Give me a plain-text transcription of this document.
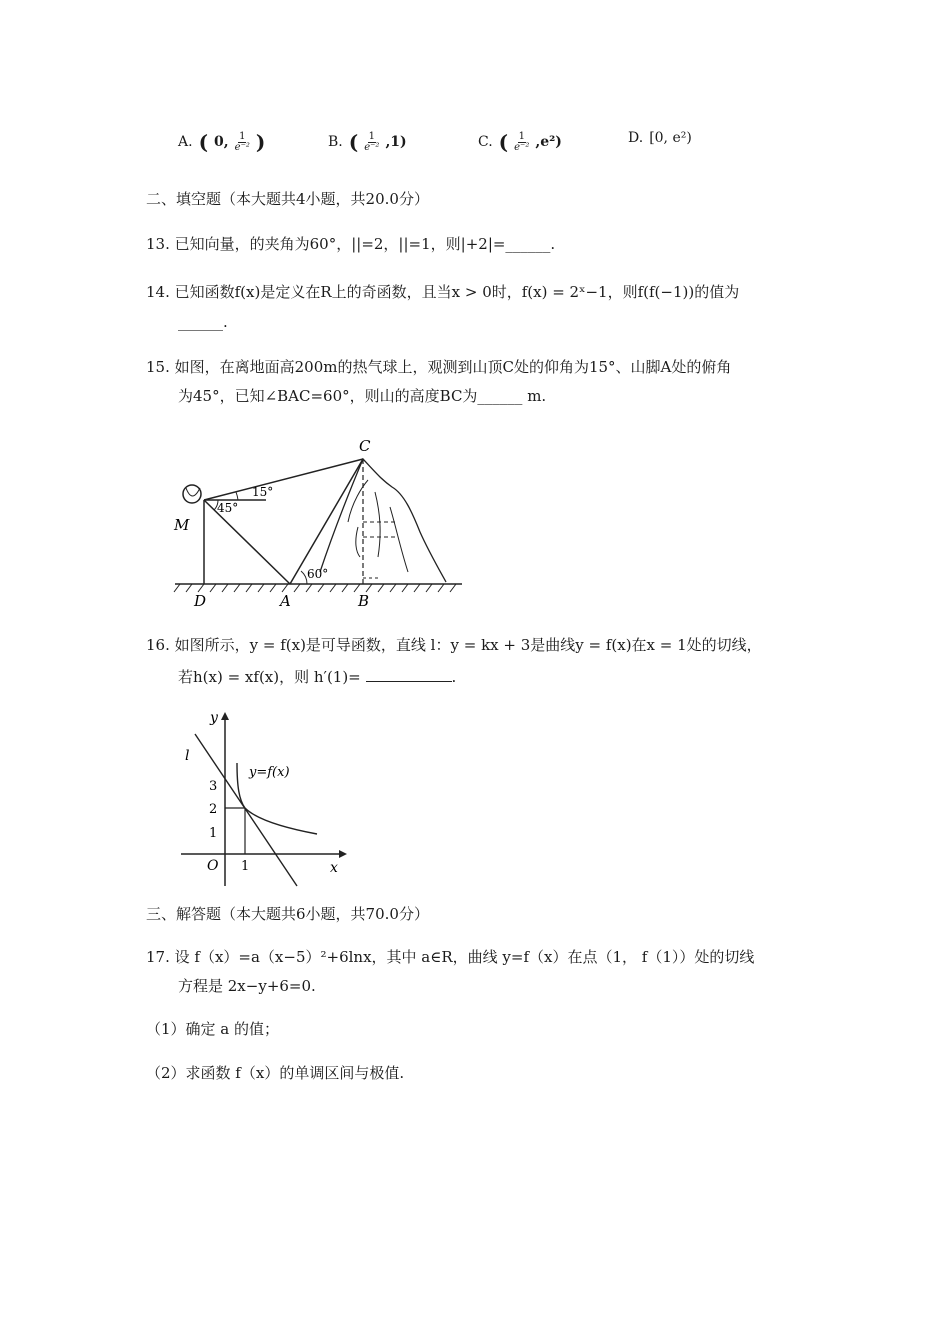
A. ( 0, $\frac{1}{\text{e⁻²}}$ )	B. ( $\frac{1}{\text{e⁻²}} ,1$)	C. ( $\frac{1}{\text{e⁻²}} ,e^2$)	D. [0, e²)
二、填空题（本大题共4小题，共20.0分）
13. 已知向量，的夹角为60°，||=2，||=1，则|+2|=______.
14. 已知函数f(x)是定义在R上的奇函数，且当x > 0时，f(x) = 2ˣ−1，则f(f(−1))的值为
______.
15. 如图，在离地面高200m的热气球上，观测到山顶C处的仰角为15°、山脚A处的俯角
为45°，已知∠BAC=60°，则山的高度BC为______ m.
C
M
D	A	B
15°
45°
60°
16. 如图所示，y = f(x)是可导函数，直线 l：y = kx + 3是曲线y = f(x)在x = 1处的切线，
若h(x) = xf(x)，则 h′(1)=	.
y
x
O
l
y=f(x)
3
2
1
1
三、解答题（本大题共6小题，共70.0分）
17. 设 f（x）=a（x−5）²+6lnx，其中 a∈R，曲线 y=f（x）在点（1， f（1））处的切线
方程是 2x−y+6=0.
（1）确定 a 的值；
（2）求函数 f（x）的单调区间与极值.
